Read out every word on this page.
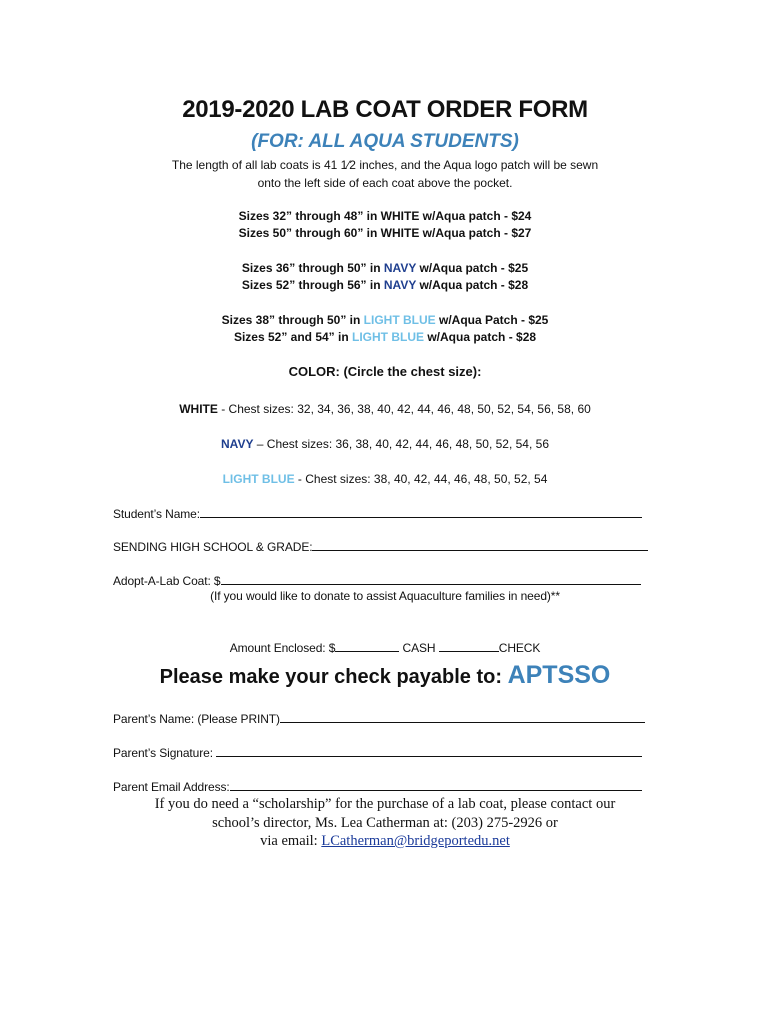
2019-2020 LAB COAT ORDER FORM
(FOR: ALL AQUA STUDENTS)
The length of all lab coats is 41 1⁄2 inches, and the Aqua logo patch will be sewn
onto the left side of each coat above the pocket.
Sizes 32” through 48” in WHITE w/Aqua patch - $24
Sizes 50” through 60” in WHITE w/Aqua patch - $27
Sizes 36” through 50” in NAVY w/Aqua patch - $25
Sizes 52” through 56” in NAVY w/Aqua patch - $28
Sizes 38” through 50” in LIGHT BLUE w/Aqua Patch - $25
Sizes 52” and 54” in LIGHT BLUE w/Aqua patch - $28
COLOR: (Circle the chest size):
WHITE - Chest sizes: 32, 34, 36, 38, 40, 42, 44, 46, 48, 50, 52, 54, 56, 58, 60
NAVY – Chest sizes: 36, 38, 40, 42, 44, 46, 48, 50, 52, 54, 56
LIGHT BLUE - Chest sizes: 38, 40, 42, 44, 46, 48, 50, 52, 54
Student’s Name:
SENDING HIGH SCHOOL & GRADE:
Adopt-A-Lab Coat: $
(If you would like to donate to assist Aquaculture families in need)**
Amount Enclosed: $	CASH	CHECK
Please make your check payable to: APTSSO
Parent’s Name: (Please PRINT)
Parent’s Signature:
Parent Email Address:
If you do need a “scholarship” for the purchase of a lab coat, please contact our
school’s director, Ms. Lea Catherman at: (203) 275-2926 or
via email: LCatherman@bridgeportedu.net
